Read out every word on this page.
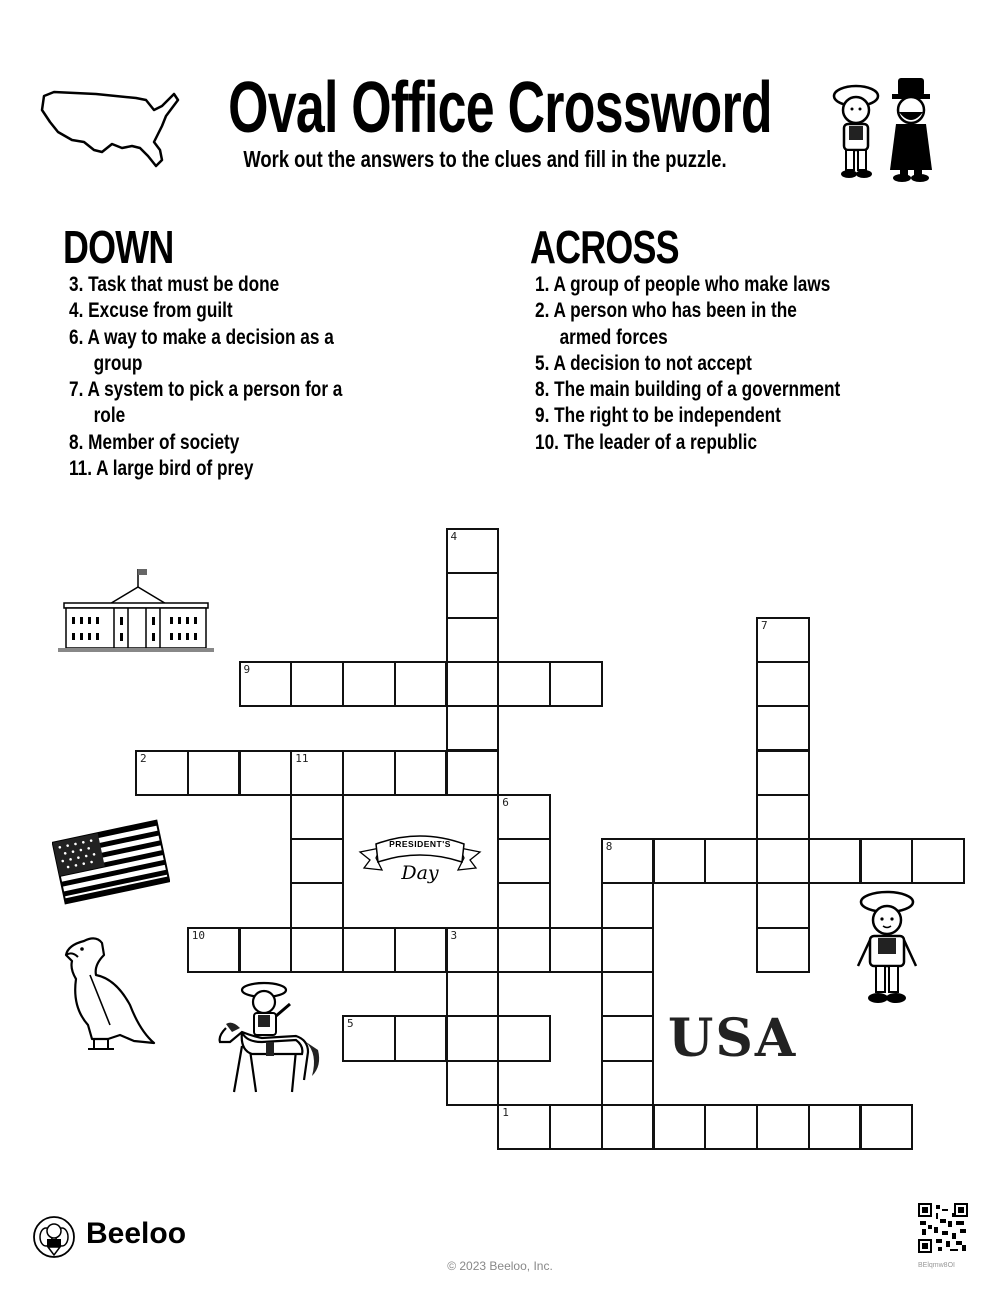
Oval Office Crossword
Work out the answers to the clues and fill in the puzzle.
DOWN
3. Task that must be done
4. Excuse from guilt
6. A way to make a decision as a
group
7. A system to pick a person for a
role
8. Member of society
11. A large bird of prey
ACROSS
1. A group of people who make laws
2. A person who has been in the
armed forces
5. A decision to not accept
8. The main building of a government
9. The right to be independent
10. The leader of a republic
4
9
7
2	11
6
8
10	3
5
1
PRESIDENT'S
Day
USA
Beeloo
© 2023 Beeloo, Inc.	BElqmw8OI
